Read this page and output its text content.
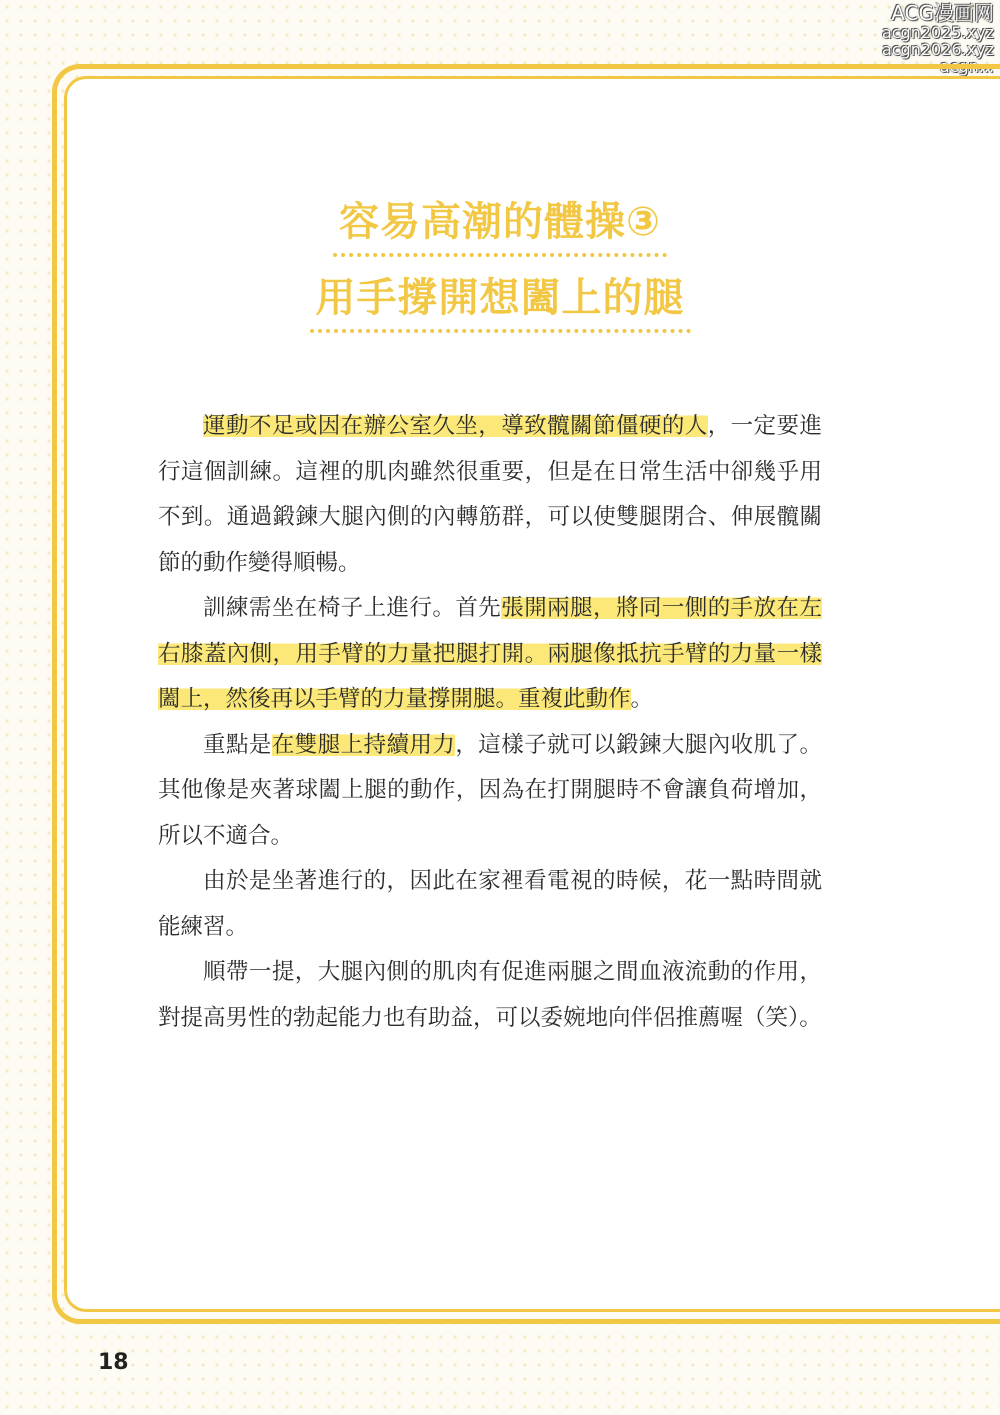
ACG漫画网
acgn2025.xyz
acgn2026.xyz
acgn...
容易高潮的體操③
用手撐開想闔上的腿

運動不足或因在辦公室久坐，導致髖關節僵硬的人，一定要進行這個訓練。這裡的肌肉雖然很重要，但是在日常生活中卻幾乎用不到。通過鍛鍊大腿內側的內轉筋群，可以使雙腿閉合、伸展髖關節的動作變得順暢。

訓練需坐在椅子上進行。首先張開兩腿，將同一側的手放在左右膝蓋內側，用手臂的力量把腿打開。兩腿像抵抗手臂的力量一樣闔上，然後再以手臂的力量撐開腿。重複此動作。

重點是在雙腿上持續用力，這樣子就可以鍛鍊大腿內收肌了。其他像是夾著球闔上腿的動作，因為在打開腿時不會讓負荷增加，所以不適合。

由於是坐著進行的，因此在家裡看電視的時候，花一點時間就能練習。

順帶一提，大腿內側的肌肉有促進兩腿之間血液流動的作用，對提高男性的勃起能力也有助益，可以委婉地向伴侶推薦喔（笑）。

18
